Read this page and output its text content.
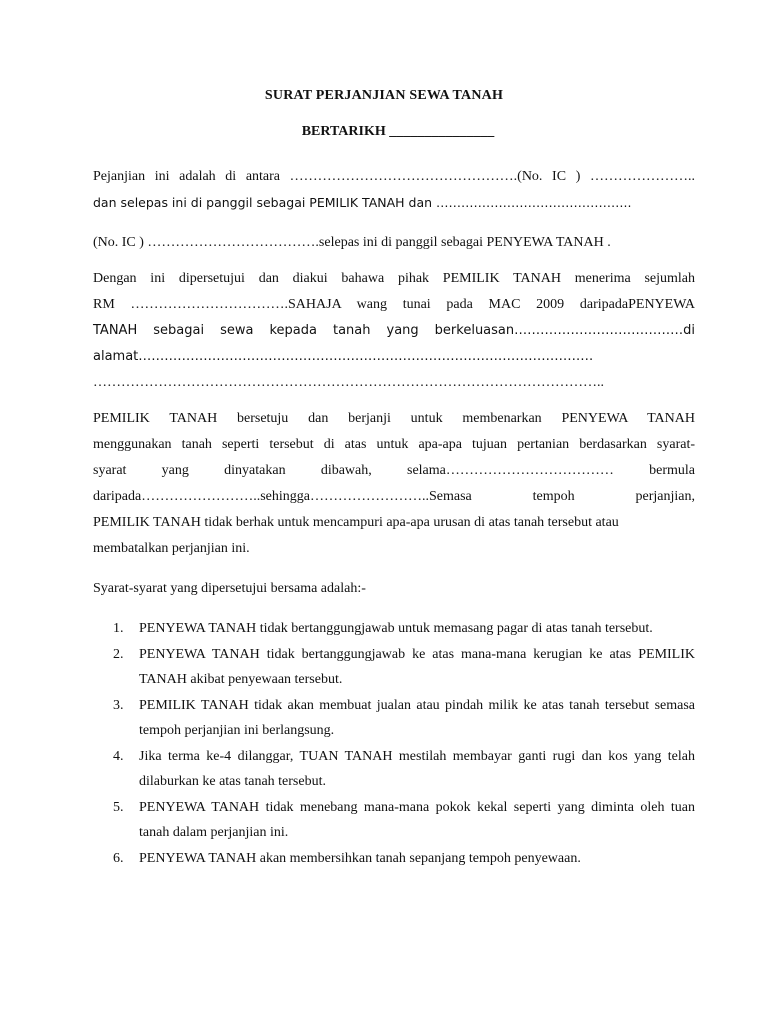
SURAT PERJANJIAN SEWA TANAH
BERTARIKH _______________
Pejanjian ini adalah di antara ………………………………………….(No. IC ) …………………..
dan selepas ini di panggil sebagai PEMILIK TANAH dan ………………………………………..
(No. IC ) ……………………………….selepas ini di panggil sebagai PENYEWA TANAH .
Dengan ini dipersetujui dan diakui bahawa pihak PEMILIK TANAH menerima sejumlah
RM …………………………….SAHAJA wang tunai pada MAC 2009 daripadaPENYEWA
TANAH sebagai sewa kepada tanah yang berkeluasan…………………………………di
alamat……………………………………………………………………………………………
………………………………………………………………………………………………..
PEMILIK TANAH bersetuju dan berjanji untuk membenarkan PENYEWA TANAH
menggunakan tanah seperti tersebut di atas untuk apa-apa tujuan pertanian berdasarkan syarat-
syarat yang dinyatakan dibawah, selama……………………………… bermula
daripada……………………..sehingga……………………..Semasa tempoh perjanjian,
PEMILIK TANAH tidak berhak untuk mencampuri apa-apa urusan di atas tanah tersebut atau
membatalkan perjanjian ini.
Syarat-syarat yang dipersetujui bersama adalah:-
1. PENYEWA TANAH tidak bertanggungjawab untuk memasang pagar di atas tanah tersebut.
2. PENYEWA TANAH tidak bertanggungjawab ke atas mana-mana kerugian ke atas PEMILIK TANAH akibat penyewaan tersebut.
3. PEMILIK TANAH tidak akan membuat jualan atau pindah milik ke atas tanah tersebut semasa tempoh perjanjian ini berlangsung.
4. Jika terma ke-4 dilanggar, TUAN TANAH mestilah membayar ganti rugi dan kos yang telah dilaburkan ke atas tanah tersebut.
5. PENYEWA TANAH tidak menebang mana-mana pokok kekal seperti yang diminta oleh tuan tanah dalam perjanjian ini.
6. PENYEWA TANAH akan membersihkan tanah sepanjang tempoh penyewaan.
